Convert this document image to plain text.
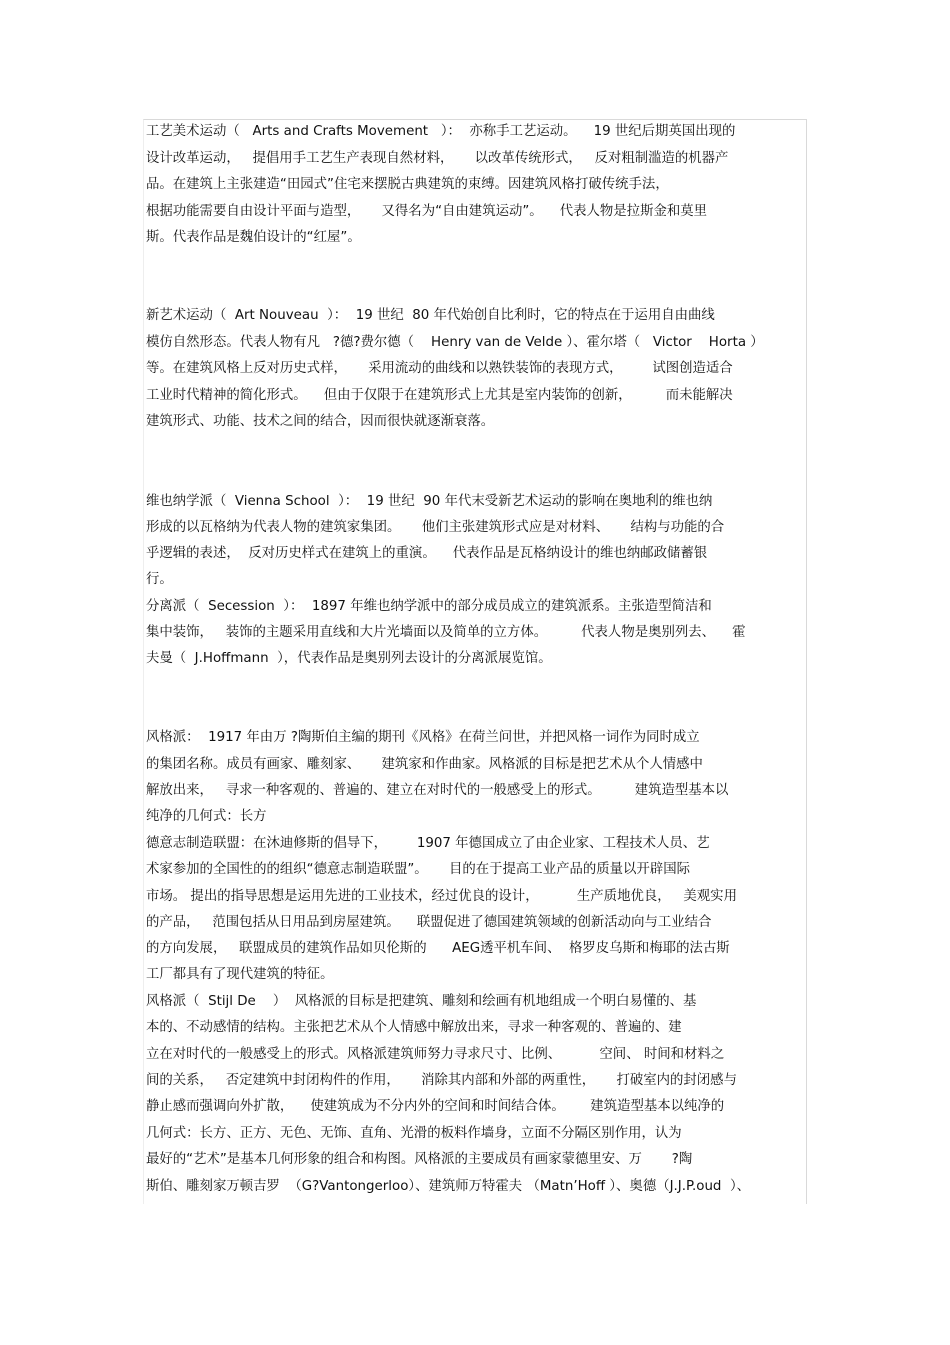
工艺美术运动（   Arts and Crafts Movement   ）：  亦称手工艺运动。    19 世纪后期英国出现的
设计改革运动，   提倡用手工艺生产表现自然材料，     以改革传统形式，   反对粗制滥造的机器产
品。在建筑上主张建造“田园式”住宅来摆脱古典建筑的束缚。因建筑风格打破传统手法，
根据功能需要自由设计平面与造型，     又得名为“自由建筑运动”。    代表人物是拉斯金和莫里
斯。代表作品是魏伯设计的“红屋”。
新艺术运动（  Art Nouveau  ）：  19 世纪  80 年代始创自比利时，它的特点在于运用自由曲线
模仿自然形态。代表人物有凡   ?德?费尔德（    Henry van de Velde ）、霍尔塔（   Victor    Horta ）
等。在建筑风格上反对历史式样，     采用流动的曲线和以熟铁装饰的表现方式，       试图创造适合
工业时代精神的简化形式。    但由于仅限于在建筑形式上尤其是室内装饰的创新，        而未能解决
建筑形式、功能、技术之间的结合，因而很快就逐渐衰落。
维也纳学派（  Vienna School  ）：  19 世纪  90 年代末受新艺术运动的影响在奥地利的维也纳
形成的以瓦格纳为代表人物的建筑家集团。     他们主张建筑形式应是对材料、     结构与功能的合
乎逻辑的表述，  反对历史样式在建筑上的重演。    代表作品是瓦格纳设计的维也纳邮政储蓄银
行。
分离派（  Secession  ）：  1897 年维也纳学派中的部分成员成立的建筑派系。主张造型简洁和
集中装饰，   装饰的主题采用直线和大片光墙面以及简单的立方体。        代表人物是奥别列去、    霍
夫曼（  J.Hoffmann  ），代表作品是奥别列去设计的分离派展览馆。
风格派：  1917 年由万 ?陶斯伯主编的期刊《风格》在荷兰问世，并把风格一词作为同时成立
的集团名称。成员有画家、雕刻家、     建筑家和作曲家。风格派的目标是把艺术从个人情感中
解放出来，   寻求一种客观的、普遍的、建立在对时代的一般感受上的形式。        建筑造型基本以
纯净的几何式：长方
德意志制造联盟：在沐迪修斯的倡导下，       1907 年德国成立了由企业家、工程技术人员、艺
术家参加的全国性的的组织“德意志制造联盟”。     目的在于提高工业产品的质量以开辟国际
市场。 提出的指导思想是运用先进的工业技术，经过优良的设计，         生产质地优良，   美观实用
的产品，   范围包括从日用品到房屋建筑。    联盟促进了德国建筑领域的创新活动向与工业结合
的方向发展，   联盟成员的建筑作品如贝伦斯的      AEG透平机车间、  格罗皮乌斯和梅耶的法古斯
工厂都具有了现代建筑的特征。
风格派（  Stijl De    ）  风格派的目标是把建筑、雕刻和绘画有机地组成一个明白易懂的、基
本的、不动感情的结构。主张把艺术从个人情感中解放出来，寻求一种客观的、普遍的、建
立在对时代的一般感受上的形式。风格派建筑师努力寻求尺寸、比例、         空间、 时间和材料之
间的关系，   否定建筑中封闭构件的作用，     消除其内部和外部的两重性，     打破室内的封闭感与
静止感而强调向外扩散，    使建筑成为不分内外的空间和时间结合体。      建筑造型基本以纯净的
几何式：长方、正方、无色、无饰、直角、光滑的板料作墙身，立面不分隔区别作用，认为
最好的“艺术”是基本几何形象的组合和构图。风格派的主要成员有画家蒙德里安、万       ?陶
斯伯、雕刻家万顿吉罗  （G?Vantongerloo）、建筑师万特霍夫 （Matn’Hoff ）、奥德（J.J.P.oud  ）、
